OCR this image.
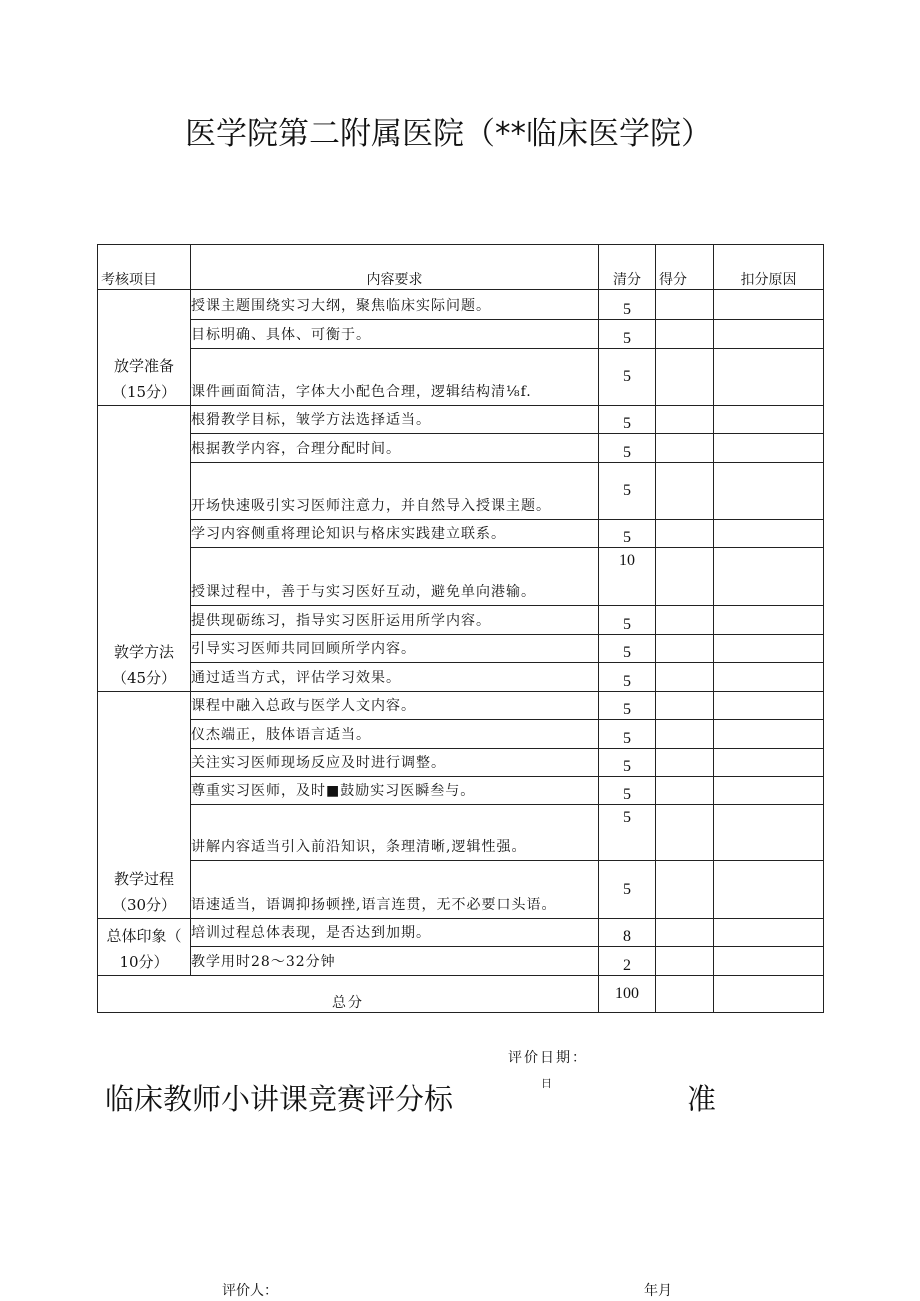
医学院第二附属医院（**临床医学院）
考核项目	内容要求	清分	得分	扣分原因

放学准备
（15分）	授课主题围绕实习大纲，聚焦临床实际问题。	5		
	目标明确、具体、可衡于。	5		
	课件画面简洁，字体大小配色合理，逻辑结构清⅛f.	5		

敦学方法
（45分）	根猾教学目标，皱学方法选择适当。	5		
	根据教学内容，合理分配时间。	5		
	开场快速吸引实习医师注意力，并自然导入授课主题。	5		
	学习内容侧重将理论知识与格床实践建立联系。	5		
	授课过程中，善于与实习医好互动，避免单向港输。	10		
	提供现砺练习，指导实习医肝运用所学内容。	5		
	引导实习医师共同回顾所学内容。	5		
	通过适当方式，评估学习效果。	5		

教学过程
（30分）	课程中融入总政与医学人文内容。	5		
	仪杰端正，肢体语言适当。	5		
	关注实习医师现场反应及时进行调整。	5		
	尊重实习医师，及时■鼓励实习医瞬叁与。	5		
	讲解内容适当引入前沿知识，条理清晰,逻辑性强。	5		
	语速适当，语调抑扬顿挫,语言连贯，无不必要口头语。	5		

总体印象（
10分）	培训过程总体表现，是否达到加期。	8		
	教学用时28～32分钟	2		
总分		100		
评价日期：
日
临床教师小讲课竞赛评分标	准
评价人：	年月
